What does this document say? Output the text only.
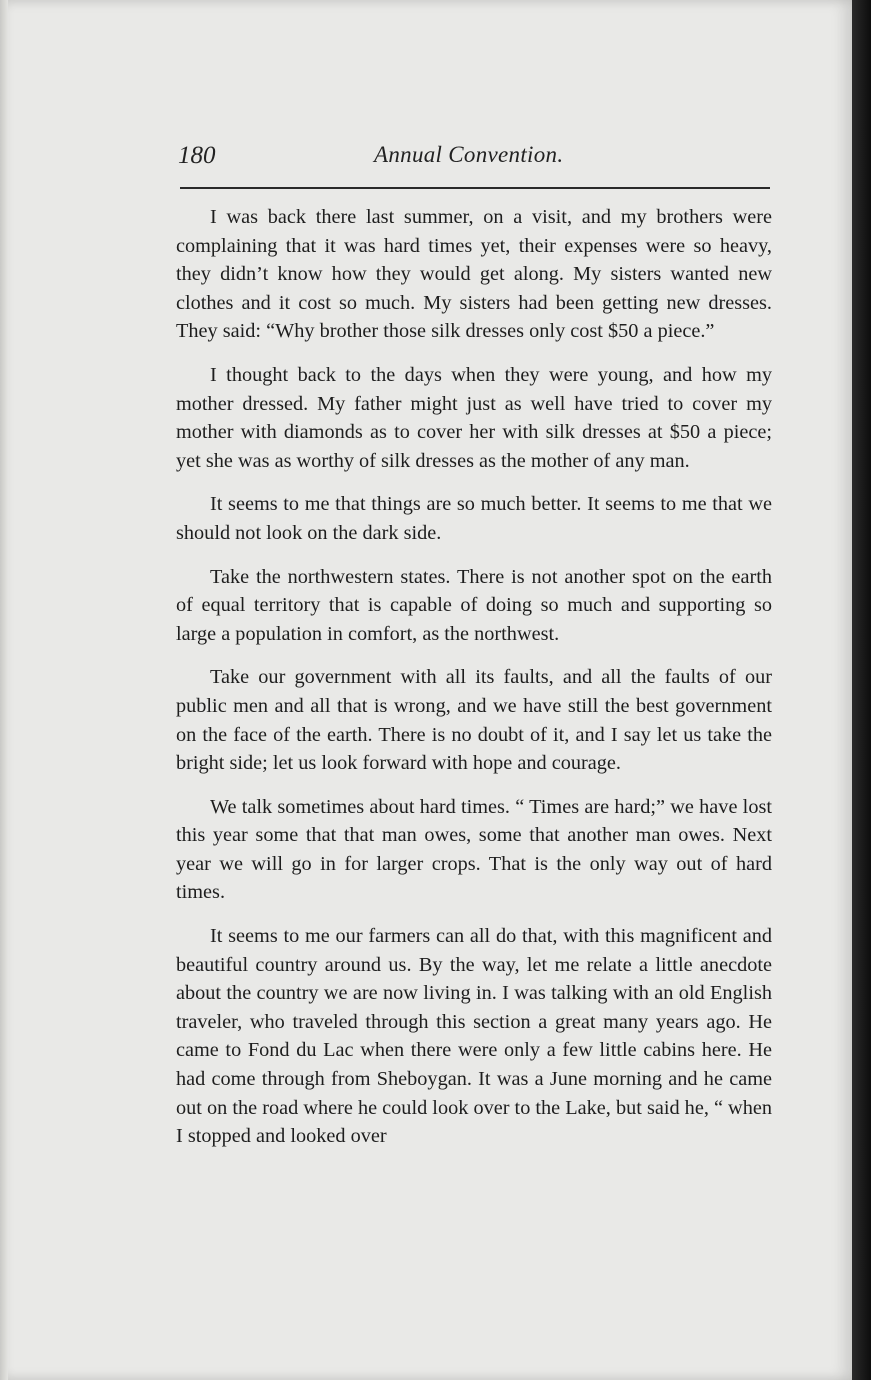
180	Annual Convention.

I was back there last summer, on a visit, and my brothers were complaining that it was hard times yet, their expenses were so heavy, they didn’t know how they would get along. My sisters wanted new clothes and it cost so much. My sisters had been getting new dresses. They said: “Why brother those silk dresses only cost $50 a piece.”

I thought back to the days when they were young, and how my mother dressed. My father might just as well have tried to cover my mother with diamonds as to cover her with silk dresses at $50 a piece; yet she was as worthy of silk dresses as the mother of any man.

It seems to me that things are so much better. It seems to me that we should not look on the dark side.

Take the northwestern states. There is not another spot on the earth of equal territory that is capable of doing so much and supporting so large a population in comfort, as the northwest.

Take our government with all its faults, and all the faults of our public men and all that is wrong, and we have still the best government on the face of the earth. There is no doubt of it, and I say let us take the bright side; let us look forward with hope and courage.

We talk sometimes about hard times. “ Times are hard;” we have lost this year some that that man owes, some that another man owes. Next year we will go in for larger crops. That is the only way out of hard times.

It seems to me our farmers can all do that, with this magnificent and beautiful country around us. By the way, let me relate a little anecdote about the country we are now living in. I was talking with an old English traveler, who traveled through this section a great many years ago. He came to Fond du Lac when there were only a few little cabins here. He had come through from Sheboygan. It was a June morning and he came out on the road where he could look over to the Lake, but said he, “ when I stopped and looked over
